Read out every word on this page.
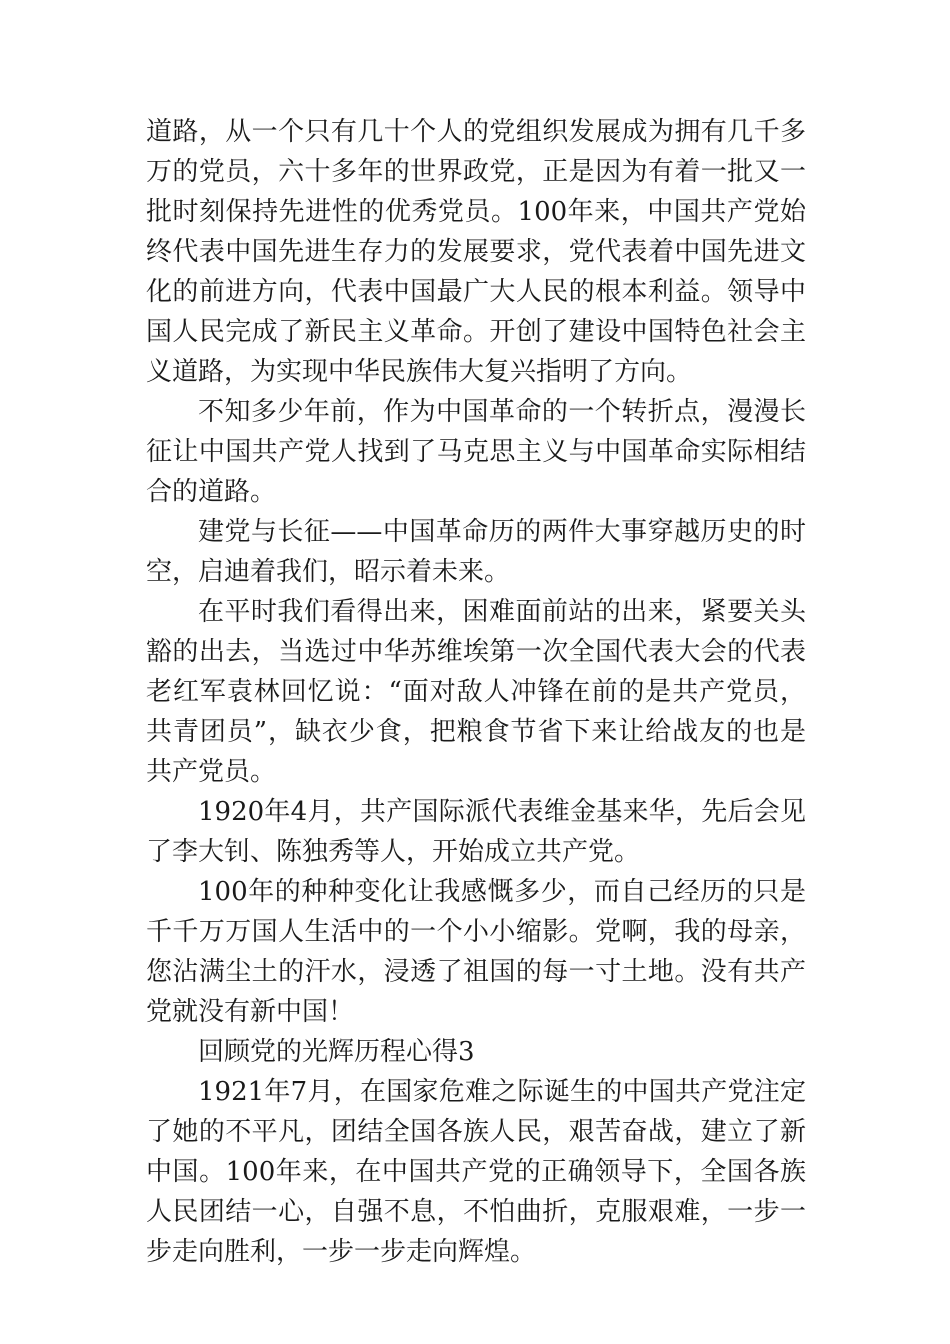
道路，从一个只有几十个人的党组织发展成为拥有几千多万的党员，六十多年的世界政党，正是因为有着一批又一批时刻保持先进性的优秀党员。100年来，中国共产党始终代表中国先进生存力的发展要求，党代表着中国先进文化的前进方向，代表中国最广大人民的根本利益。领导中国人民完成了新民主义革命。开创了建设中国特色社会主义道路，为实现中华民族伟大复兴指明了方向。

不知多少年前，作为中国革命的一个转折点，漫漫长征让中国共产党人找到了马克思主义与中国革命实际相结合的道路。

建党与长征——中国革命历的两件大事穿越历史的时空，启迪着我们，昭示着未来。

在平时我们看得出来，困难面前站的出来，紧要关头豁的出去，当选过中华苏维埃第一次全国代表大会的代表老红军袁林回忆说：“面对敌人冲锋在前的是共产党员，共青团员”，缺衣少食，把粮食节省下来让给战友的也是共产党员。

1920年4月，共产国际派代表维金基来华，先后会见了李大钊、陈独秀等人，开始成立共产党。

100年的种种变化让我感慨多少，而自己经历的只是千千万万国人生活中的一个小小缩影。党啊，我的母亲，您沾满尘土的汗水，浸透了祖国的每一寸土地。没有共产党就没有新中国！

回顾党的光辉历程心得3

1921年7月，在国家危难之际诞生的中国共产党注定了她的不平凡，团结全国各族人民，艰苦奋战，建立了新中国。100年来，在中国共产党的正确领导下，全国各族人民团结一心，自强不息，不怕曲折，克服艰难，一步一步走向胜利，一步一步走向辉煌。
